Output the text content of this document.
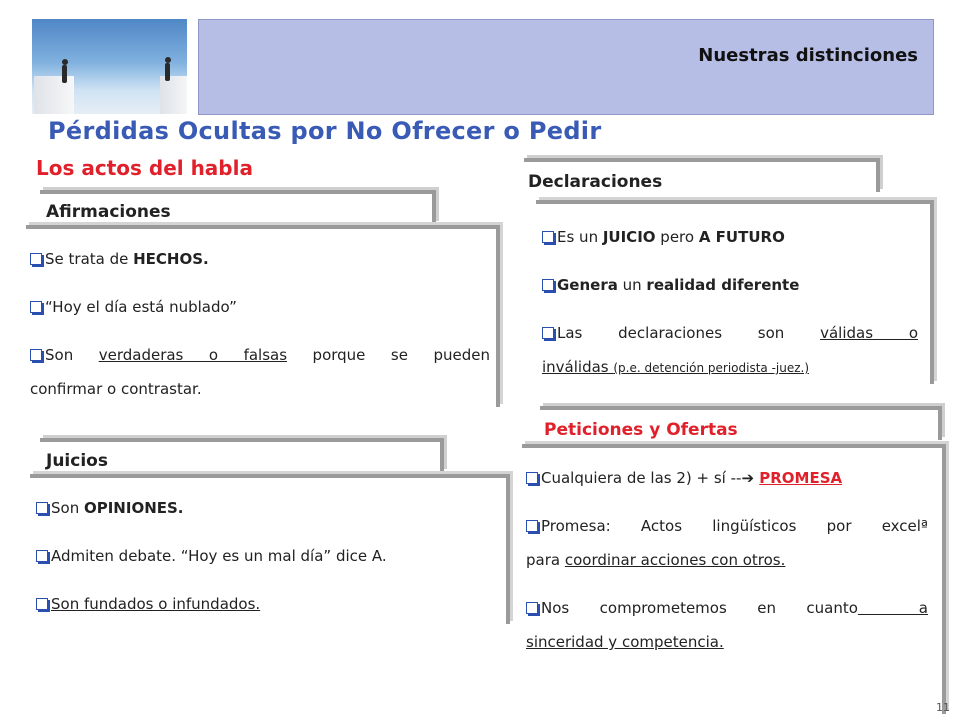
Nuestras distinciones
Pérdidas Ocultas por No Ofrecer o Pedir
Los actos del habla
Afirmaciones
Se trata de HECHOS.
“Hoy el día está nublado”
Son verdaderas o falsas porque se pueden
confirmar o contrastar.
Juicios
Son OPINIONES.
Admiten debate. “Hoy es un mal día” dice A.
Son fundados o infundados.
Declaraciones
Es un JUICIO pero A FUTURO
Genera un realidad diferente
Las declaraciones son válidas o
inválidas (p.e. detención periodista -juez.)
Peticiones y Ofertas
Cualquiera de las 2) + sí --➔ PROMESA
Promesa: Actos lingüísticos por excelª
para coordinar acciones con otros.
Nos comprometemos en cuanto  a
sinceridad y competencia.
11
